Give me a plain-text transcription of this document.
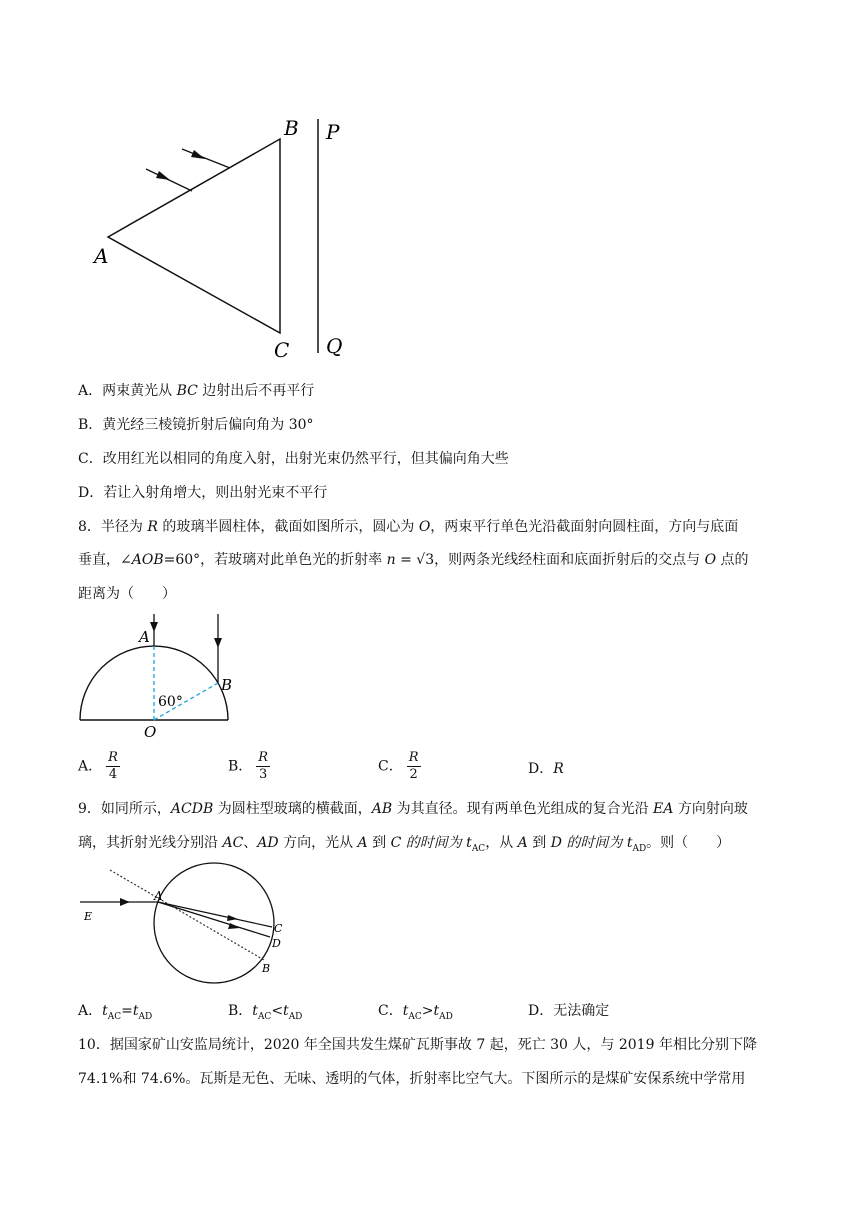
A
B
C
P
Q
A．两束黄光从 BC 边射出后不再平行
B．黄光经三棱镜折射后偏向角为 30°
C．改用红光以相同的角度入射，出射光束仍然平行，但其偏向角大些
D．若让入射角增大，则出射光束不平行
8．半径为 R 的玻璃半圆柱体，截面如图所示，圆心为 O，两束平行单色光沿截面射向圆柱面，方向与底面
垂直，∠AOB=60°，若玻璃对此单色光的折射率 n = √3，则两条光线经柱面和底面折射后的交点与 O 点的
距离为（　　）
A
B
O
60°
A． $\frac{R}{4}$	B． $\frac{R}{3}$	C． $\frac{R}{2}$	D．R
9．如同所示，ACDB 为圆柱型玻璃的横截面，AB 为其直径。现有两单色光组成的复合光沿 EA 方向射向玻
璃，其折射光线分别沿 AC、AD 方向，光从 A 到 C 的时间为 $t_{AC}$，从 A 到 D 的时间为 $t_{AD}$。则（　　）
E
A
C
D
B
A．$t_{AC}=t_{AD}$	B．$t_{AC}<t_{AD}$	C．$t_{AC}>t_{AD}$	D．无法确定
10．据国家矿山安监局统计，2020 年全国共发生煤矿瓦斯事故 7 起，死亡 30 人，与 2019 年相比分别下降
74.1%和 74.6%。瓦斯是无色、无味、透明的气体，折射率比空气大。下图所示的是煤矿安保系统中学常用
